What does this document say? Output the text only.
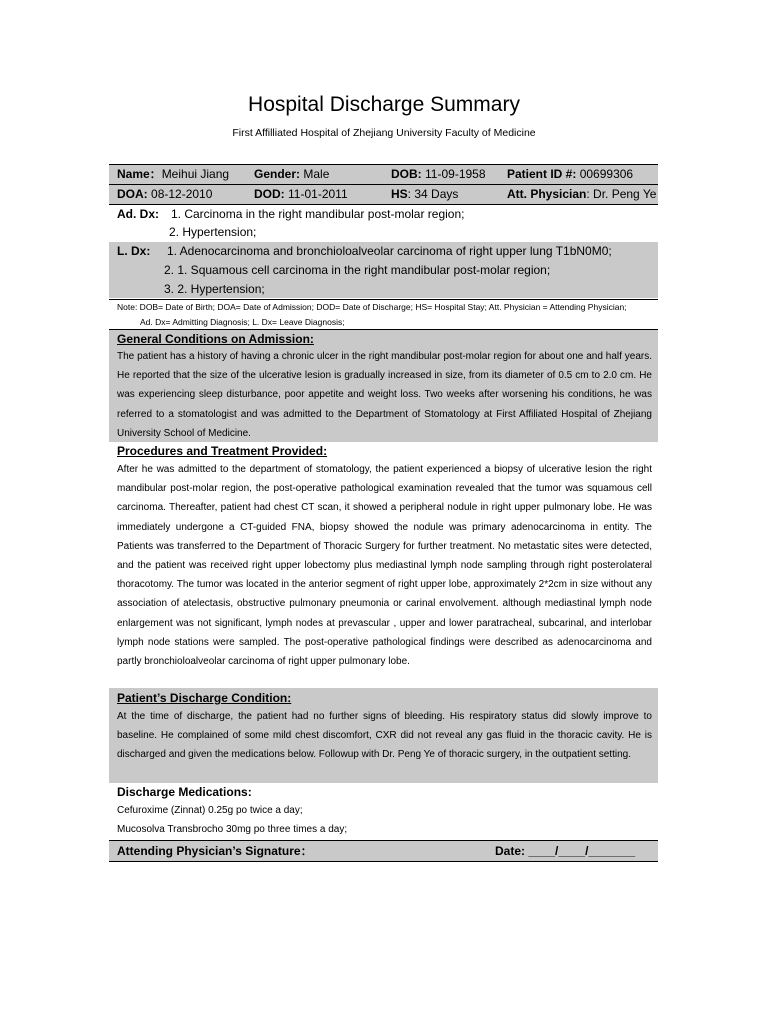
Hospital Discharge Summary
First Affilliated Hospital of Zhejiang University Faculty of Medicine
Name：Meihui Jiang Gender: Male	DOB: 11-09-1958 Patient ID #: 00699306
DOA: 08-12-2010	DOD: 11-01-2011	HS: 34 Days	Att. Physician: Dr. Peng Ye
Ad. Dx: 1. Carcinoma in the right mandibular post-molar region;
2. Hypertension;
L. Dx: 1. Adenocarcinoma and bronchioloalveolar carcinoma of right upper lung T1bN0M0;
2. 1. Squamous cell carcinoma in the right mandibular post-molar region;
3. 2. Hypertension;
Note: DOB= Date of Birth; DOA= Date of Admission; DOD= Date of Discharge; HS= Hospital Stay; Att. Physician = Attending Physician;
Ad. Dx= Admitting Diagnosis; L. Dx= Leave Diagnosis;
General Conditions on Admission:
The patient has a history of having a chronic ulcer in the right mandibular post-molar region for about one and half years. He reported that the size of the ulcerative lesion is gradually increased in size, from its diameter of 0.5 cm to 2.0 cm. He was experiencing sleep disturbance, poor appetite and weight loss. Two weeks after worsening his conditions, he was referred to a stomatologist and was admitted to the Department of Stomatology at First Affiliated Hospital of Zhejiang University School of Medicine.
Procedures and Treatment Provided:
After he was admitted to the department of stomatology, the patient experienced a biopsy of ulcerative lesion the right mandibular post-molar region, the post-operative pathological examination revealed that the tumor was squamous cell carcinoma. Thereafter, patient had chest CT scan, it showed a peripheral nodule in right upper pulmonary lobe. He was immediately undergone a CT-guided FNA, biopsy showed the nodule was primary adenocarcinoma in entity. The Patients was transferred to the Department of Thoracic Surgery for further treatment. No metastatic sites were detected, and the patient was received right upper lobectomy plus mediastinal lymph node sampling through right posterolateral thoracotomy. The tumor was located in the anterior segment of right upper lobe, approximately 2*2cm in size without any association of atelectasis, obstructive pulmonary pneumonia or carinal envolvement. although mediastinal lymph node enlargement was not significant, lymph nodes at prevascular , upper and lower paratracheal, subcarinal, and interlobar lymph node stations were sampled. The post-operative pathological findings were described as adenocarcinoma and partly bronchioloalveolar carcinoma of right upper pulmonary lobe.
Patient’s Discharge Condition:
At the time of discharge, the patient had no further signs of bleeding. His respiratory status did slowly improve to baseline. He complained of some mild chest discomfort, CXR did not reveal any gas fluid in the thoracic cavity. He is discharged and given the medications below. Followup with Dr. Peng Ye of thoracic surgery, in the outpatient setting.
Discharge Medications:
Cefuroxime (Zinnat) 0.25g po twice a day;
Mucosolva Transbrocho 30mg po three times a day;
Attending Physician’s Signature：	Date: ____/____/_______
